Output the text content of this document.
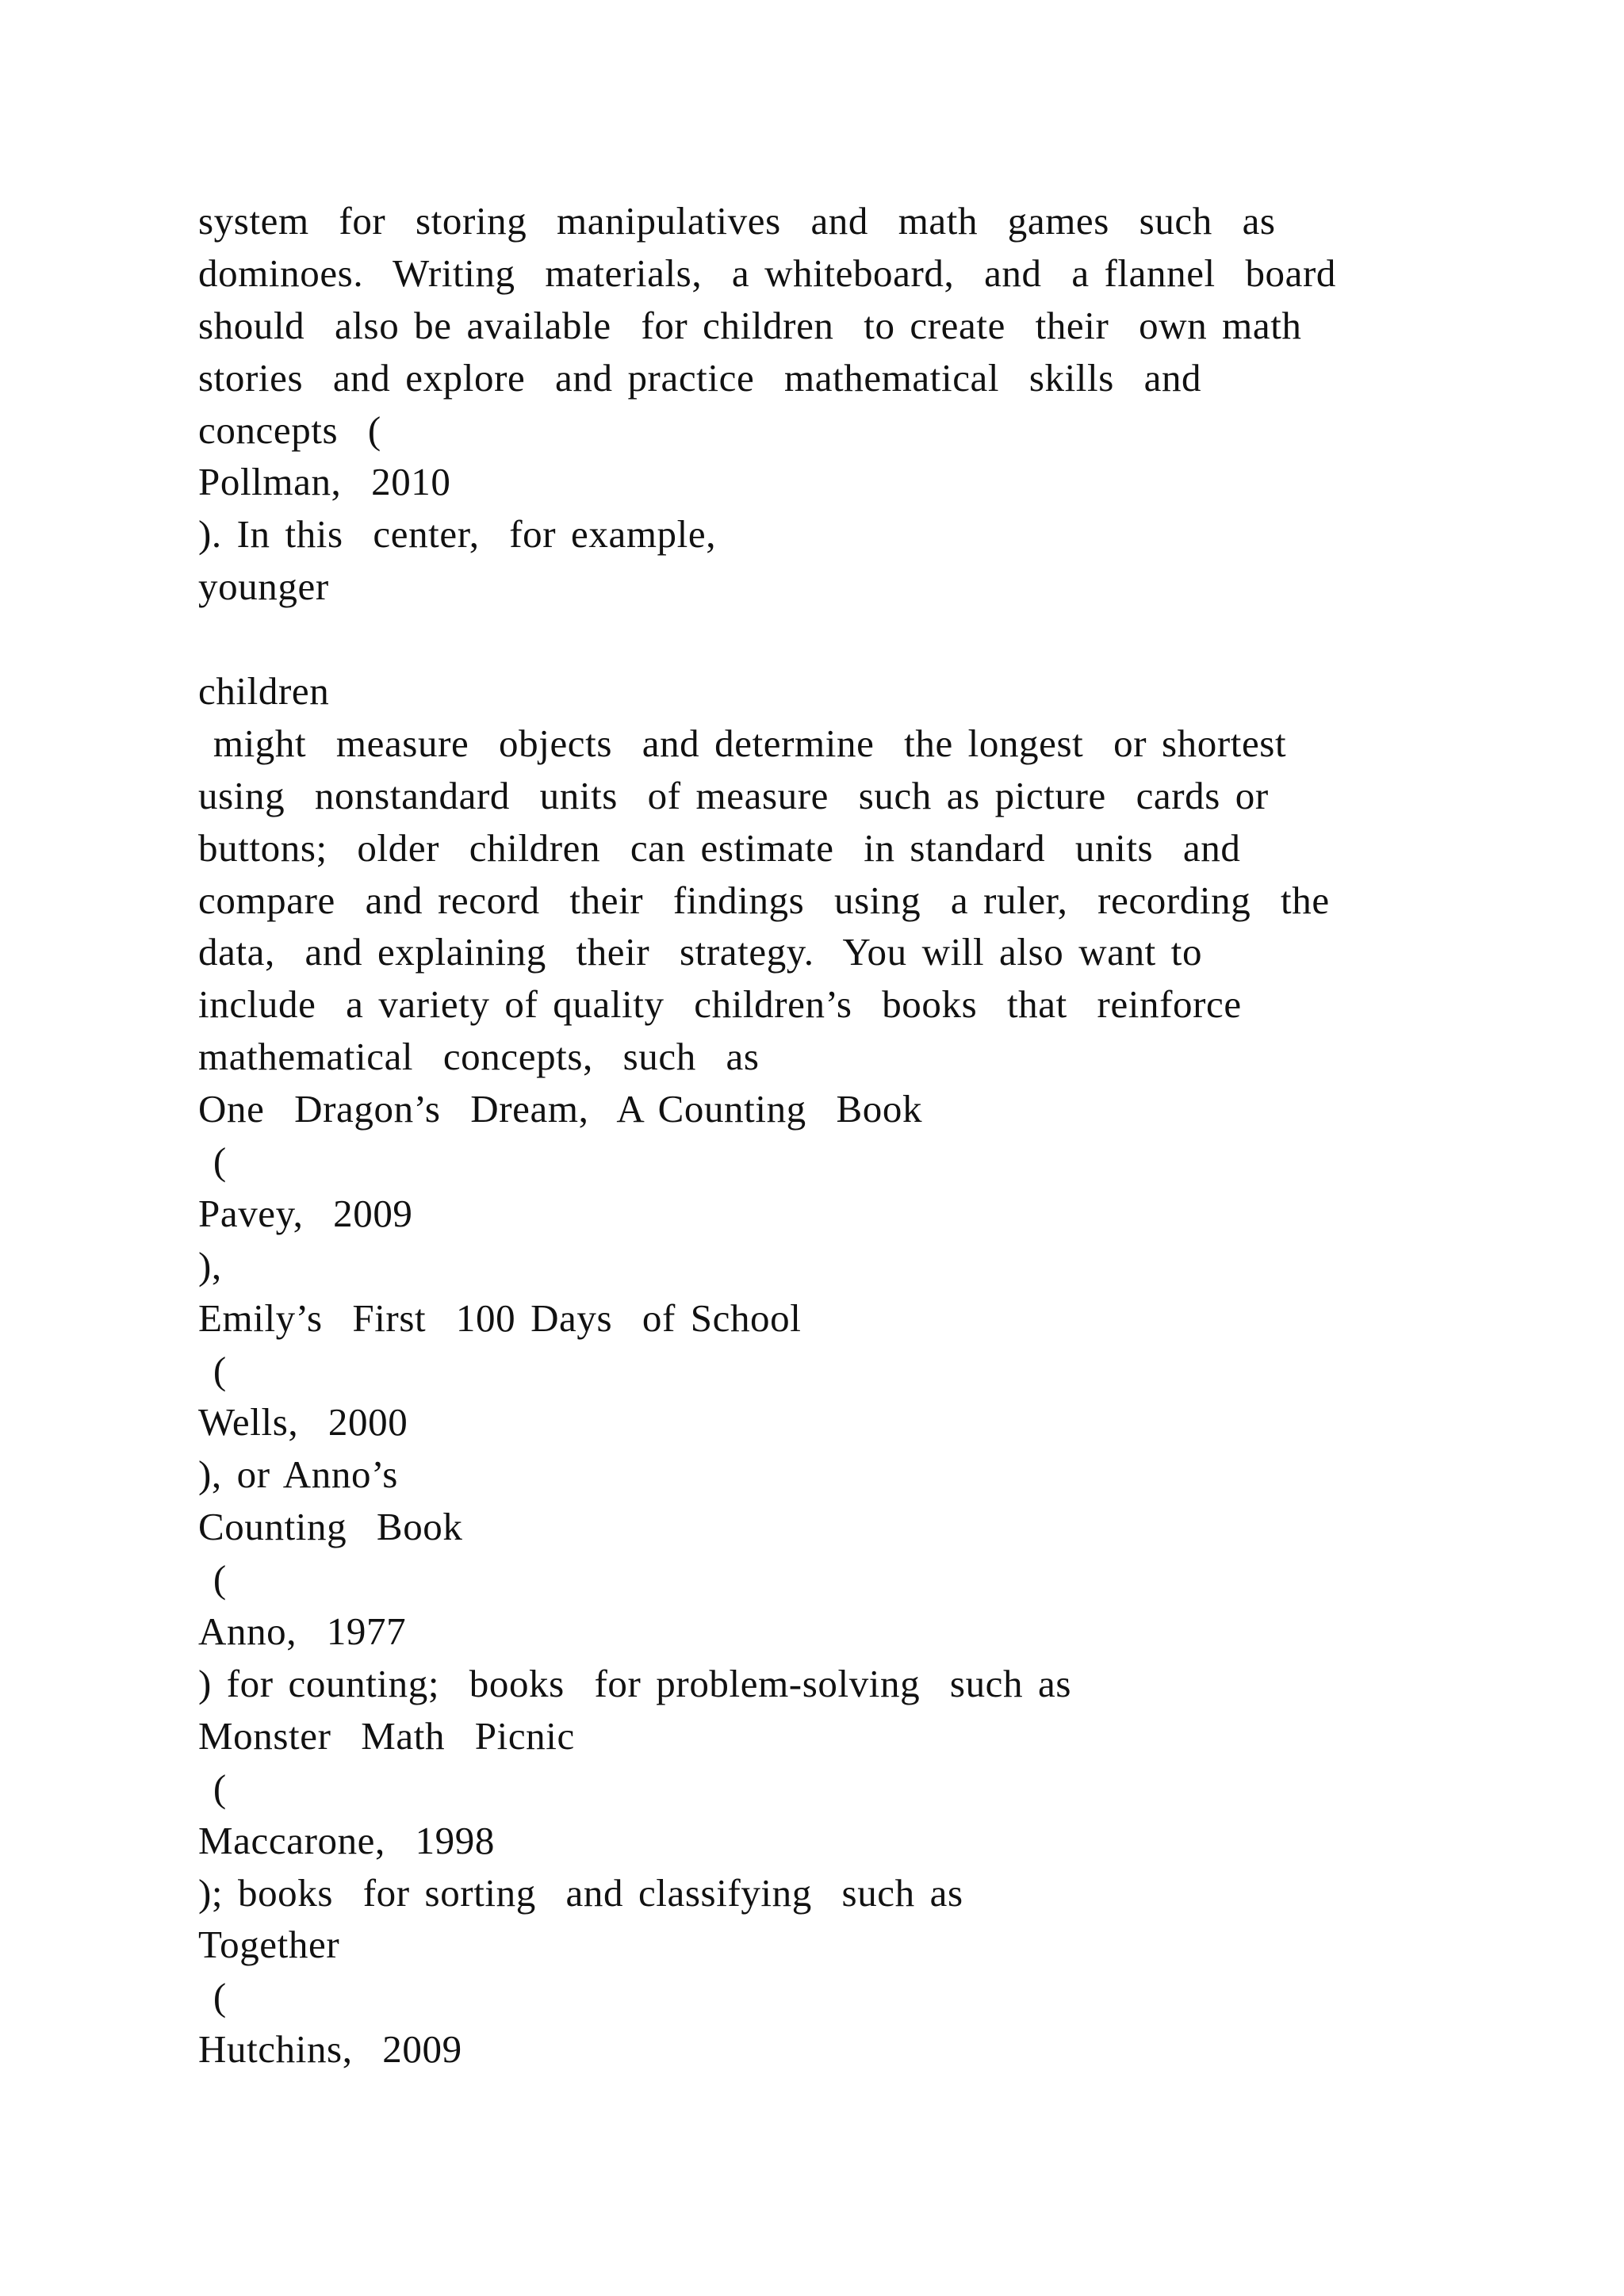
system  for  storing  manipulatives  and  math  games  such  as
dominoes.  Writing  materials,  a whiteboard,  and  a flannel  board
should  also be available  for children  to create  their  own math
stories  and explore  and practice  mathematical  skills  and
concepts  (
Pollman,  2010
). In this  center,  for example,
younger
children
might  measure  objects  and determine  the longest  or shortest
using  nonstandard  units  of measure  such as picture  cards or
buttons;  older  children  can estimate  in standard  units  and
compare  and record  their  findings  using  a ruler,  recording  the
data,  and explaining  their  strategy.  You will also want to
include  a variety of quality  children’s  books  that  reinforce
mathematical  concepts,  such  as
One  Dragon’s  Dream,  A Counting  Book
(
Pavey,  2009
),
Emily’s  First  100 Days  of School
(
Wells,  2000
), or Anno’s
Counting  Book
(
Anno,  1977
) for counting;  books  for problem-solving  such as
Monster  Math  Picnic
(
Maccarone,  1998
); books  for sorting  and classifying  such as
Together
(
Hutchins,  2009
